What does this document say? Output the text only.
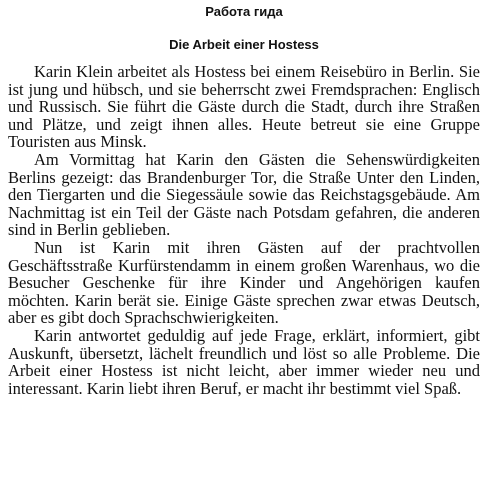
Работа гида
Die Arbeit einer Hostess

Karin Klein arbeitet als Hostess bei einem Reisebüro in Berlin. Sie ist jung und hübsch, und sie beherrscht zwei Fremdsprachen: Englisch und Russisch. Sie führt die Gäste durch die Stadt, durch ihre Straßen und Plätze, und zeigt ihnen alles. Heute betreut sie eine Gruppe Touristen aus Minsk.

Am Vormittag hat Karin den Gästen die Sehenswürdigkeiten Berlins gezeigt: das Brandenburger Tor, die Straße Unter den Linden, den Tiergarten und die Siegessäule sowie das Reichstagsgebäude. Am Nachmittag ist ein Teil der Gäste nach Potsdam gefahren, die anderen sind in Berlin geblieben.

Nun ist Karin mit ihren Gästen auf der prachtvollen Geschäftsstraße Kurfürstendamm in einem großen Warenhaus, wo die Besucher Geschenke für ihre Kinder und Angehörigen kaufen möchten. Karin berät sie. Einige Gäste sprechen zwar etwas Deutsch, aber es gibt doch Sprachschwierigkeiten.

Karin antwortet geduldig auf jede Frage, erklärt, informiert, gibt Auskunft, übersetzt, lächelt freundlich und löst so alle Probleme. Die Arbeit einer Hostess ist nicht leicht, aber immer wieder neu und interessant. Karin liebt ihren Beruf, er macht ihr bestimmt viel Spaß.
